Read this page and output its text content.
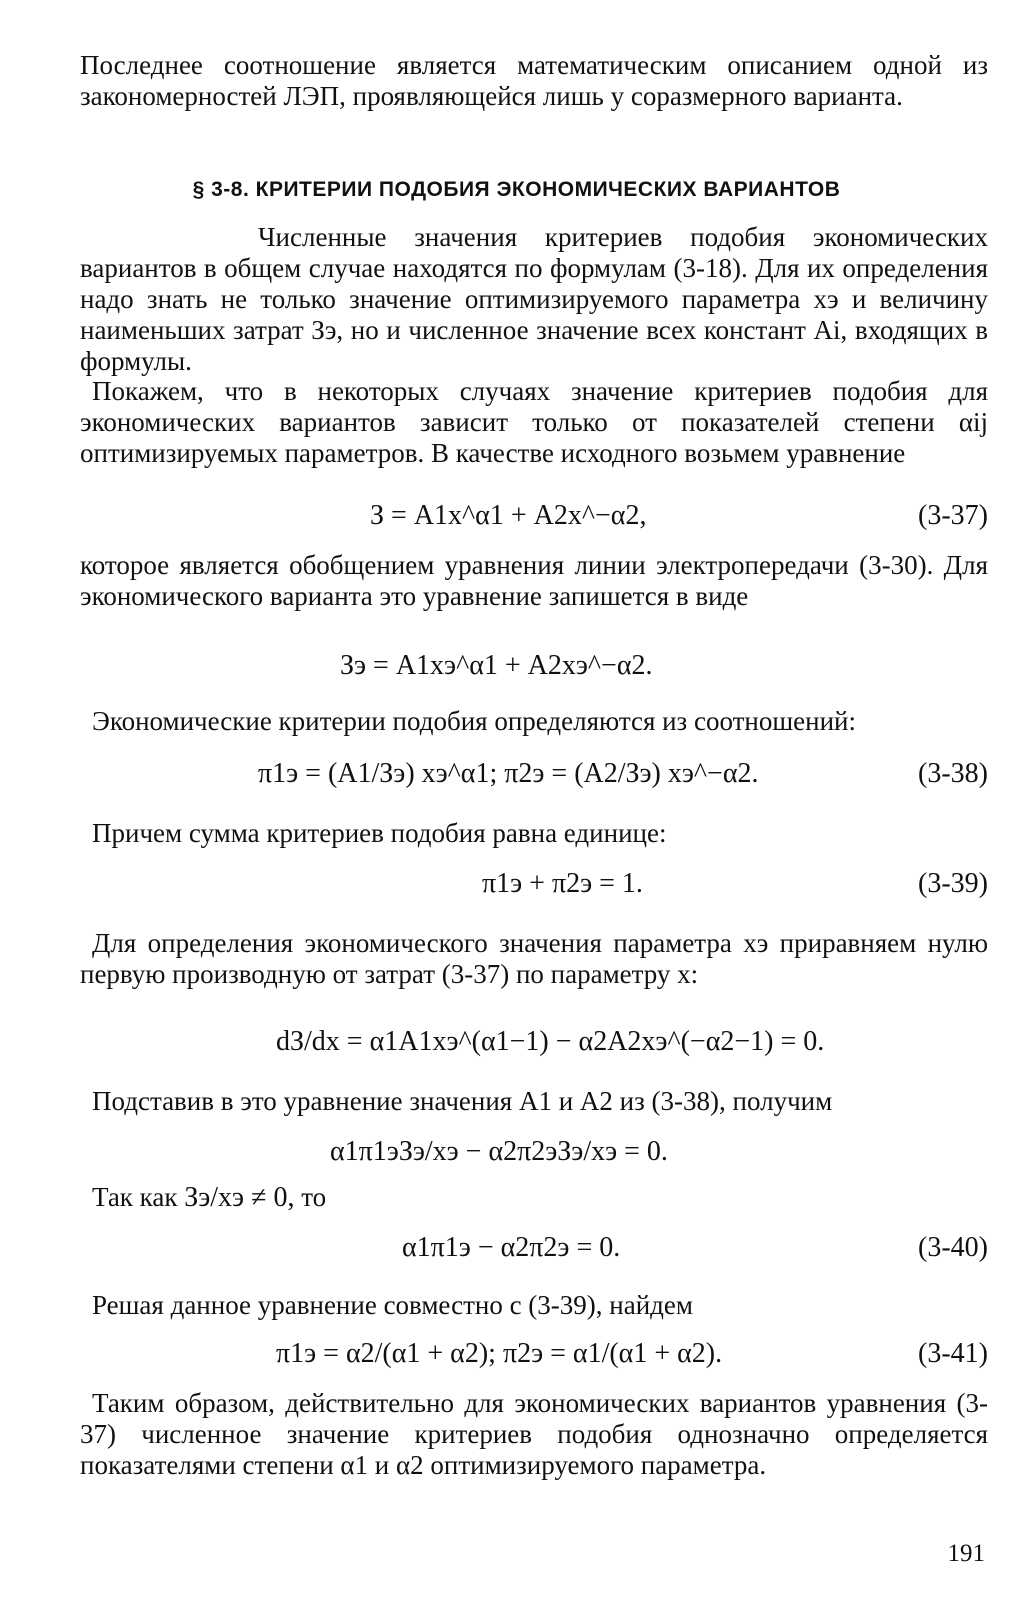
Последнее соотношение является математическим описанием одной из закономерностей ЛЭП, проявляющейся лишь у соразмерного варианта.

§ 3-8. КРИТЕРИИ ПОДОБИЯ ЭКОНОМИЧЕСКИХ ВАРИАНТОВ

Численные значения критериев подобия экономических вариантов в общем случае находятся по формулам (3-18). Для их определения надо знать не только значение оптимизируемого параметра xэ и величину наименьших затрат Зэ, но и численное значение всех констант Ai, входящих в формулы.

Покажем, что в некоторых случаях значение критериев подобия для экономических вариантов зависит только от показателей степени αij оптимизируемых параметров. В качестве исходного возьмем уравнение

З = A1x^α1 + A2x^−α2,	(3-37)

которое является обобщением уравнения линии электропередачи (3-30). Для экономического варианта это уравнение запишется в виде

Зэ = A1xэ^α1 + A2xэ^−α2.

Экономические критерии подобия определяются из соотношений:

π1э = (A1/Зэ) xэ^α1; π2э = (A2/Зэ) xэ^−α2.	(3-38)

Причем сумма критериев подобия равна единице:

π1э + π2э = 1.	(3-39)

Для определения экономического значения параметра xэ приравняем нулю первую производную от затрат (3-37) по параметру x:

dЗ/dx = α1A1xэ^(α1−1) − α2A2xэ^(−α2−1) = 0.

Подставив в это уравнение значения A1 и A2 из (3-38), получим

α1π1эЗэ/xэ − α2π2эЗэ/xэ = 0.

Так как Зэ/xэ ≠ 0, то

α1π1э − α2π2э = 0.	(3-40)

Решая данное уравнение совместно с (3-39), найдем

π1э = α2/(α1 + α2); π2э = α1/(α1 + α2).	(3-41)

Таким образом, действительно для экономических вариантов уравнения (3-37) численное значение критериев подобия однозначно определяется показателями степени α1 и α2 оптимизируемого параметра.

191
